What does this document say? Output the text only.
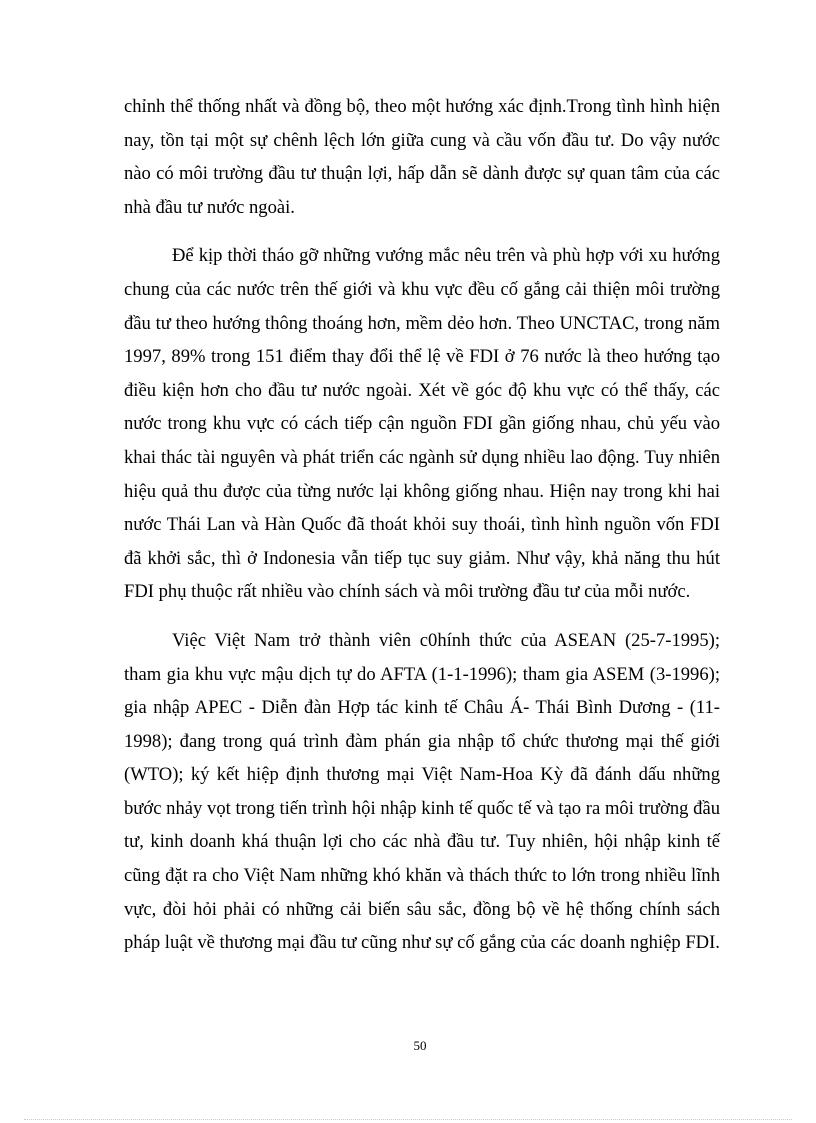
chỉnh thể thống nhất và đồng bộ, theo một hướng xác định.Trong tình hình hiện nay, tồn tại một sự chênh lệch lớn giữa cung và cầu vốn đầu tư. Do vậy nước nào có môi trường đầu tư thuận lợi, hấp dẫn sẽ dành được sự quan tâm của các nhà đầu tư nước ngoài.

Để kịp thời tháo gỡ những vướng mắc nêu trên và phù hợp với xu hướng chung của các nước trên thế giới và khu vực đều cố gắng cải thiện môi trường đầu tư theo hướng thông thoáng hơn, mềm dẻo hơn. Theo UNCTAC, trong năm 1997, 89% trong 151 điểm thay đổi thể lệ về FDI ở 76 nước là theo hướng tạo điều kiện hơn cho đầu tư nước ngoài. Xét về góc độ khu vực có thể thấy, các nước trong khu vực có cách tiếp cận nguồn FDI gần giống nhau, chủ yếu vào khai thác tài nguyên và phát triển các ngành sử dụng nhiều lao động. Tuy nhiên hiệu quả thu được của từng nước lại không giống nhau. Hiện nay trong khi hai nước Thái Lan và Hàn Quốc đã thoát khỏi suy thoái, tình hình nguồn vốn FDI đã khởi sắc, thì ở Indonesia vẫn tiếp tục suy giảm. Như vậy, khả năng thu hút FDI phụ thuộc rất nhiều vào chính sách và môi trường đầu tư của mỗi nước.

Việc Việt Nam trở thành viên c0hính thức của ASEAN (25-7-1995); tham gia khu vực mậu dịch tự do AFTA (1-1-1996); tham gia ASEM (3-1996); gia nhập APEC - Diễn đàn Hợp tác kinh tế Châu Á- Thái Bình Dương - (11-1998); đang trong quá trình đàm phán gia nhập tổ chức thương mại thế giới (WTO); ký kết hiệp định thương mại Việt Nam-Hoa Kỳ đã đánh dấu những bước nhảy vọt trong tiến trình hội nhập kinh tế quốc tế và tạo ra môi trường đầu tư, kinh doanh khá thuận lợi cho các nhà đầu tư. Tuy nhiên, hội nhập kinh tế cũng đặt ra cho Việt Nam những khó khăn và thách thức to lớn trong nhiều lĩnh vực, đòi hỏi phải có những cải biến sâu sắc, đồng bộ về hệ thống chính sách pháp luật về thương mại đầu tư cũng như sự cố gắng của các doanh nghiệp FDI.

50
